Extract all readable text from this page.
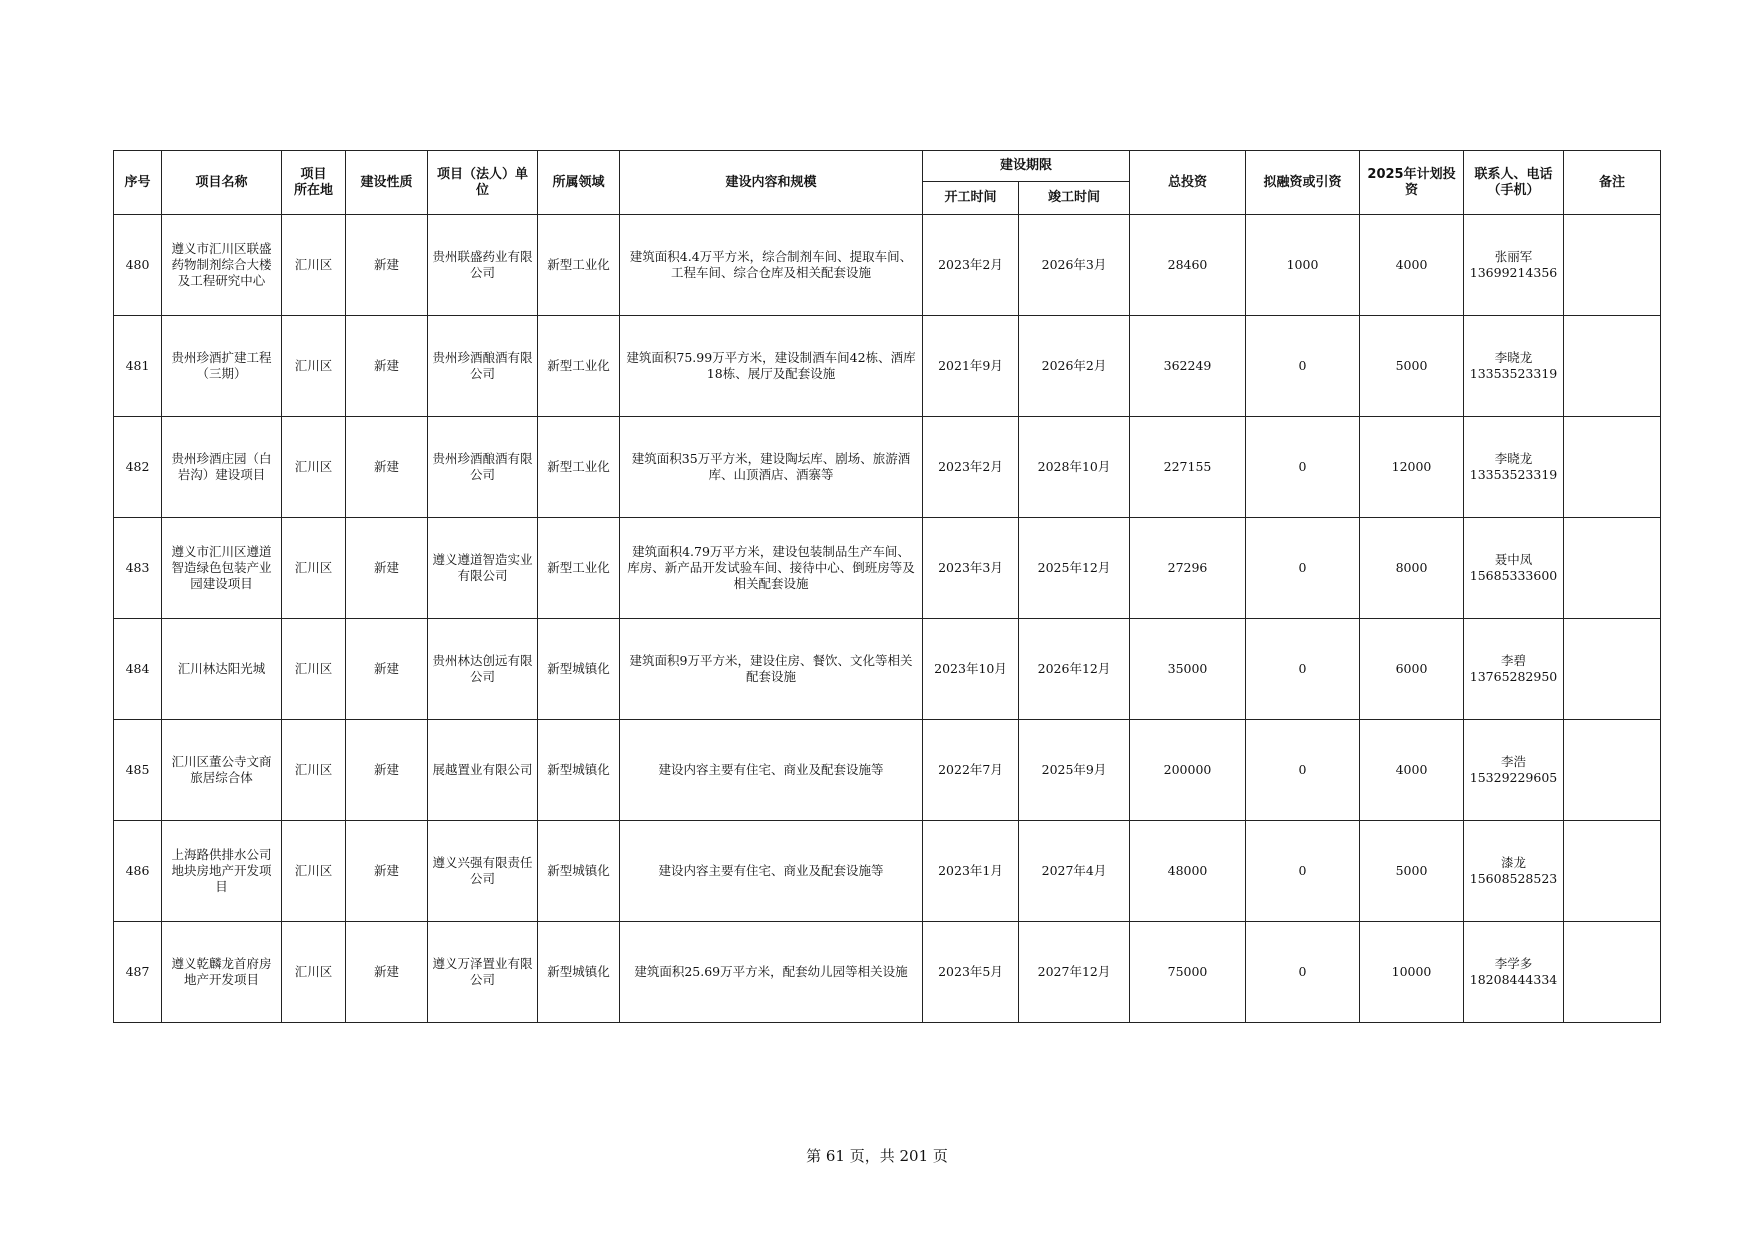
序号	项目名称	项目
所在地	建设性质	项目（法人）单位	所属领域	建设内容和规模	建设期限		总投资	拟融资或引资	2025年计划投资	联系人、电话
（手机）	备注
							开工时间	竣工时间					
480	遵义市汇川区联盛药物制剂综合大楼及工程研究中心	汇川区	新建	贵州联盛药业有限公司	新型工业化	建筑面积4.4万平方米，综合制剂车间、提取车间、工程车间、综合仓库及相关配套设施	2023年2月	2026年3月	28460	1000	4000	张丽军
13699214356	
481	贵州珍酒扩建工程（三期）	汇川区	新建	贵州珍酒酿酒有限公司	新型工业化	建筑面积75.99万平方米，建设制酒车间42栋、酒库18栋、展厅及配套设施	2021年9月	2026年2月	362249	0	5000	李晓龙
13353523319	
482	贵州珍酒庄园（白岩沟）建设项目	汇川区	新建	贵州珍酒酿酒有限公司	新型工业化	建筑面积35万平方米，建设陶坛库、剧场、旅游酒库、山顶酒店、酒寨等	2023年2月	2028年10月	227155	0	12000	李晓龙
13353523319	
483	遵义市汇川区遵道智造绿色包装产业园建设项目	汇川区	新建	遵义遵道智造实业有限公司	新型工业化	建筑面积4.79万平方米，建设包装制品生产车间、库房、新产品开发试验车间、接待中心、倒班房等及相关配套设施	2023年3月	2025年12月	27296	0	8000	聂中凤
15685333600	
484	汇川林达阳光城	汇川区	新建	贵州林达创远有限公司	新型城镇化	建筑面积9万平方米，建设住房、餐饮、文化等相关配套设施	2023年10月	2026年12月	35000	0	6000	李碧
13765282950	
485	汇川区董公寺文商旅居综合体	汇川区	新建	展越置业有限公司	新型城镇化	建设内容主要有住宅、商业及配套设施等	2022年7月	2025年9月	200000	0	4000	李浩
15329229605	
486	上海路供排水公司地块房地产开发项目	汇川区	新建	遵义兴强有限责任公司	新型城镇化	建设内容主要有住宅、商业及配套设施等	2023年1月	2027年4月	48000	0	5000	漆龙
15608528523	
487	遵义乾麟龙首府房地产开发项目	汇川区	新建	遵义万泽置业有限公司	新型城镇化	建筑面积25.69万平方米，配套幼儿园等相关设施	2023年5月	2027年12月	75000	0	10000	李学多
18208444334	
第 61 页，共 201 页
